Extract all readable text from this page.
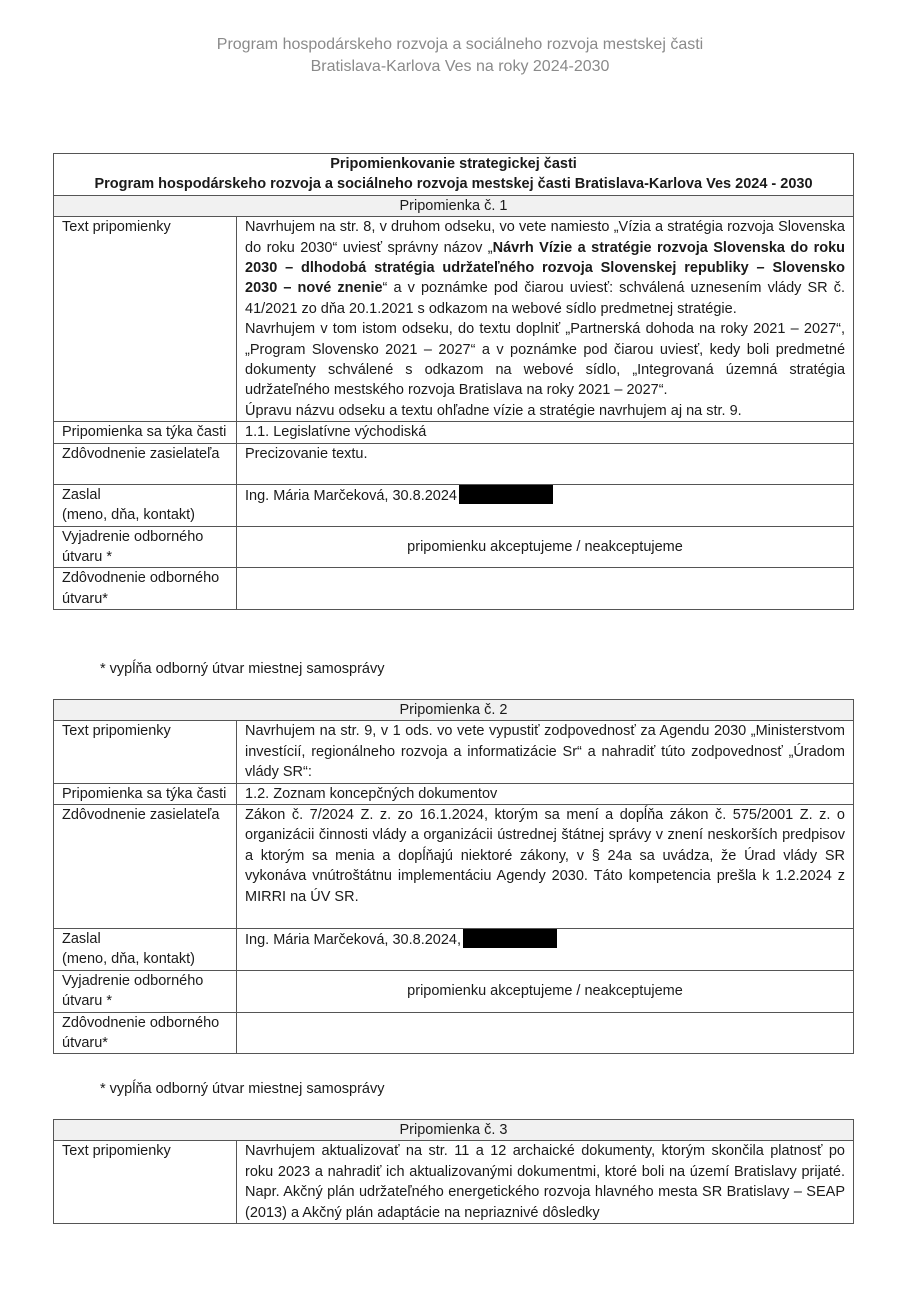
Program hospodárskeho rozvoja a sociálneho rozvoja mestskej časti
Bratislava-Karlova Ves na roky 2024-2030
Pripomienkovanie strategickej časti
Program hospodárskeho rozvoja a sociálneho rozvoja mestskej časti Bratislava-Karlova Ves 2024 - 2030	

Pripomienka č. 1	
Text pripomienky	Navrhujem na str. 8, v druhom odseku, vo vete namiesto „Vízia a stratégia rozvoja Slovenska do roku 2030“ uviesť správny názov „Návrh Vízie a stratégie rozvoja Slovenska do roku 2030 – dlhodobá stratégia udržateľného rozvoja Slovenskej republiky – Slovensko 2030 – nové znenie“ a v poznámke pod čiarou uviesť: schválená uznesením vlády SR č. 41/2021 zo dňa 20.1.2021 s odkazom na webové sídlo predmetnej stratégie.
Navrhujem v tom istom odseku, do textu doplniť „Partnerská dohoda na roky 2021 – 2027“, „Program Slovensko 2021 – 2027“ a v poznámke pod čiarou uviesť, kedy boli predmetné dokumenty schválené s odkazom na webové sídlo, „Integrovaná územná stratégia udržateľného mestského rozvoja Bratislava na roky 2021 – 2027“.
Úpravu názvu odseku a textu ohľadne vízie a stratégie navrhujem aj na str. 9.

Pripomienka sa týka časti	1.1. Legislatívne východiská
Zdôvodnenie zasielateľa	Precizovanie textu.

Zaslal
(meno, dňa, kontakt)	Ing. Mária Marčeková, 30.8.2024
Vyjadrenie odborného útvaru *	pripomienku akceptujeme / neakceptujeme
Zdôvodnenie odborného útvaru*	
* vypĺňa odborný útvar miestnej samosprávy
Pripomienka č. 2	
Text pripomienky	Navrhujem na str. 9, v 1 ods. vo vete vypustiť zodpovednosť za Agendu 2030 „Ministerstvom investícií, regionálneho rozvoja a informatizácie Sr“ a nahradiť túto zodpovednosť „Úradom vlády SR“:
Pripomienka sa týka časti	1.2. Zoznam koncepčných dokumentov
Zdôvodnenie zasielateľa	Zákon č. 7/2024 Z. z. zo 16.1.2024, ktorým sa mení a dopĺňa zákon č. 575/2001 Z. z. o organizácii činnosti vlády a organizácii ústrednej štátnej správy v znení neskorších predpisov a ktorým sa menia a dopĺňajú niektoré zákony, v § 24a sa uvádza, že Úrad vlády SR vykonáva vnútroštátnu implementáciu Agendy 2030. Táto kompetencia prešla k 1.2.2024 z MIRRI na ÚV SR.

Zaslal
(meno, dňa, kontakt)	Ing. Mária Marčeková, 30.8.2024,
Vyjadrenie odborného útvaru *	pripomienku akceptujeme / neakceptujeme
Zdôvodnenie odborného útvaru*	
* vypĺňa odborný útvar miestnej samosprávy
Pripomienka č. 3
Text pripomienky	Navrhujem aktualizovať na str. 11 a 12 archaické dokumenty, ktorým skončila platnosť po roku 2023 a nahradiť ich aktualizovanými dokumentmi, ktoré boli na území Bratislavy prijaté. Napr. Akčný plán udržateľného energetického rozvoja hlavného mesta SR Bratislavy – SEAP (2013) a Akčný plán adaptácie na nepriaznivé dôsledky
